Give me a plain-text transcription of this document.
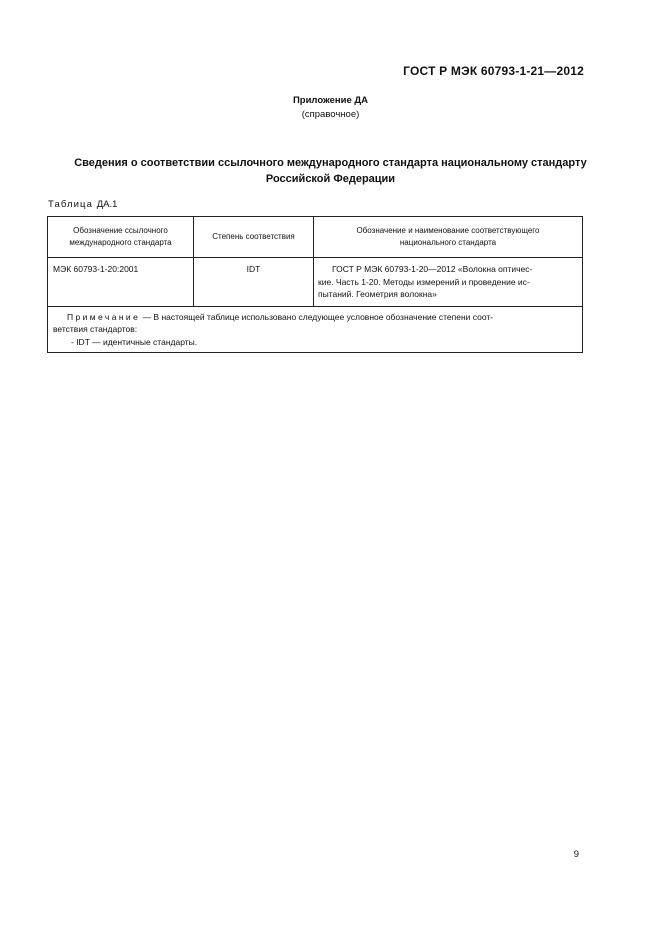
ГОСТ Р МЭК 60793-1-21—2012
Приложение ДА
(справочное)
Сведения о соответствии ссылочного международного стандарта национальному стандарту
Российской Федерации
Таблица ДА.1
Обозначение ссылочного
международного стандарта	Степень соответствия	Обозначение и наименование соответствующего
национального стандарта

МЭК 60793-1-20:2001	IDT	ГОСТ Р МЭК 60793-1-20—2012 «Волокна оптичес-
кие. Часть 1-20. Методы измерений и проведение ис-
пытаний. Геометрия волокна»

Примечание — В настоящей таблице использовано следующее условное обозначение степени соот-
ветствия стандартов:
- IDT — идентичные стандарты.		
9
